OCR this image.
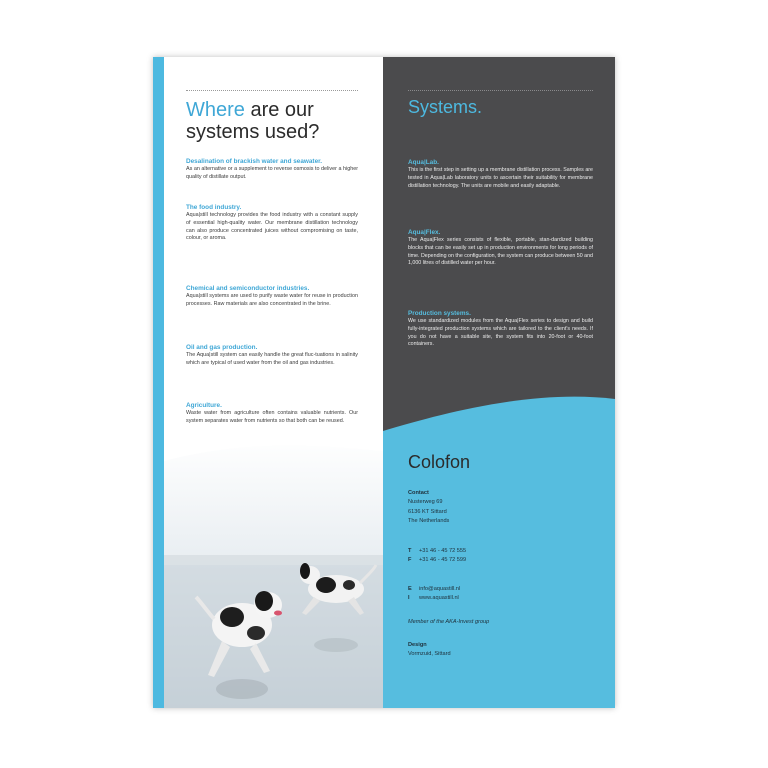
Where are our
systems used?
Desalination of brackish water and seawater.
As an alternative or a supplement to reverse osmosis to deliver a higher quality of distillate output.
The food industry.
Aqua|still technology provides the food industry with a constant supply of essential high-quality water. Our membrane distillation technology can also produce concentrated juices without compromising on taste, colour, or aroma.
Chemical and semiconductor industries.
Aqua|still systems are used to purify waste water for reuse in production processes. Raw materials are also concentrated in the brine.
Oil and gas production.
The Aqua|still system can easily handle the great fluc-tuations in salinity which are typical of used water from the oil and gas industries.
Agriculture.
Waste water from agriculture often contains valuable nutrients. Our system separates water from nutrients so that both can be reused.
Systems.
Aqua|Lab.
This is the first step in setting up a membrane distillation process. Samples are tested in Aqua|Lab laboratory units to ascertain their suitability for membrane distillation technology. The units are mobile and easily adaptable.
Aqua|Flex.
The Aqua|Flex series consists of flexible, portable, stan-dardized building blocks that can be easily set up in production environments for long periods of time. Depending on the configuration, the system can produce between 50 and 1,000 litres of distilled water per hour.
Production systems.
We use standardized modules from the Aqua|Flex series to design and build fully-integrated production systems which are tailored to the client's needs. If you do not have a suitable site, the system fits into 20-foot or 40-foot containers.
Colofon
Contact
Nusterweg 69
6136 KT Sittard
The Netherlands
T +31 46 - 45 72 555
F +31 46 - 45 72 599
E info@aquastill.nl
I www.aquastill.nl
Member of the AKA-Invest group
Design
Vormzuid, Sittard
